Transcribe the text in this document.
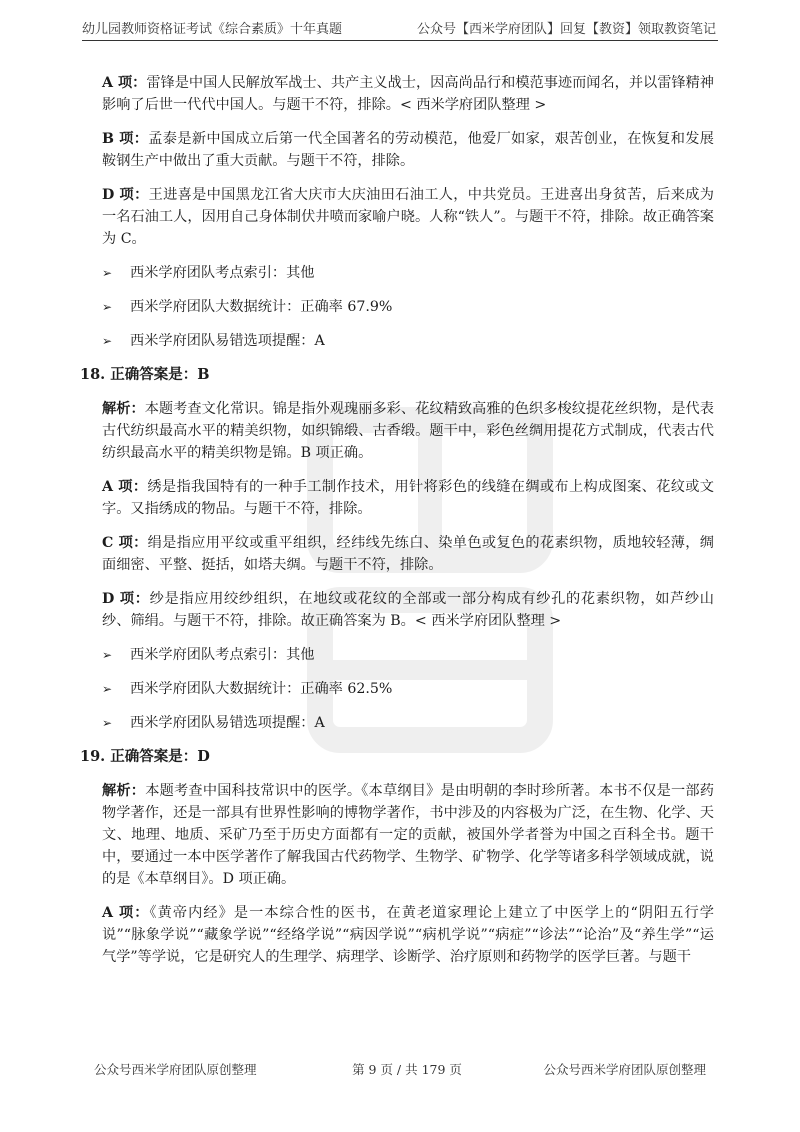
幼儿园教师资格证考试《综合素质》十年真题	公众号【西米学府团队】回复【教资】领取教资笔记

A 项：雷锋是中国人民解放军战士、共产主义战士，因高尚品行和模范事迹而闻名，并以雷锋精神影响了后世一代代中国人。与题干不符，排除。< 西米学府团队整理 >

B 项：孟泰是新中国成立后第一代全国著名的劳动模范，他爱厂如家，艰苦创业，在恢复和发展鞍钢生产中做出了重大贡献。与题干不符，排除。

D 项：王进喜是中国黑龙江省大庆市大庆油田石油工人，中共党员。王进喜出身贫苦，后来成为一名石油工人，因用自己身体制伏井喷而家喻户晓。人称“铁人”。与题干不符，排除。故正确答案为 C。

➢ 西米学府团队考点索引：其他
➢ 西米学府团队大数据统计：正确率 67.9%
➢ 西米学府团队易错选项提醒：A
18. 正确答案是：B

解析：本题考查文化常识。锦是指外观瑰丽多彩、花纹精致高雅的色织多梭纹提花丝织物，是代表古代纺织最高水平的精美织物，如织锦缎、古香缎。题干中，彩色丝绸用提花方式制成，代表古代纺织最高水平的精美织物是锦。B 项正确。

A 项：绣是指我国特有的一种手工制作技术，用针将彩色的线缝在绸或布上构成图案、花纹或文字。又指绣成的物品。与题干不符，排除。

C 项：绢是指应用平纹或重平组织，经纬线先练白、染单色或复色的花素织物，质地较轻薄，绸面细密、平整、挺括，如塔夫绸。与题干不符，排除。

D 项：纱是指应用绞纱组织，在地纹或花纹的全部或一部分构成有纱孔的花素织物，如芦纱山纱、筛绢。与题干不符，排除。故正确答案为 B。< 西米学府团队整理 >

➢ 西米学府团队考点索引：其他
➢ 西米学府团队大数据统计：正确率 62.5%
➢ 西米学府团队易错选项提醒：A
19. 正确答案是：D

解析：本题考查中国科技常识中的医学。《本草纲目》是由明朝的李时珍所著。本书不仅是一部药物学著作，还是一部具有世界性影响的博物学著作，书中涉及的内容极为广泛，在生物、化学、天文、地理、地质、采矿乃至于历史方面都有一定的贡献，被国外学者誉为中国之百科全书。题干中，要通过一本中医学著作了解我国古代药物学、生物学、矿物学、化学等诸多科学领域成就，说的是《本草纲目》。D 项正确。

A 项：《黄帝内经》是一本综合性的医书，在黄老道家理论上建立了中医学上的“阴阳五行学说”“脉象学说”“藏象学说”“经络学说”“病因学说”“病机学说”“病症”“诊法”“论治”及“养生学”“运气学”等学说，它是研究人的生理学、病理学、诊断学、治疗原则和药物学的医学巨著。与题干

公众号西米学府团队原创整理	第 9 页 / 共 179 页	公众号西米学府团队原创整理
